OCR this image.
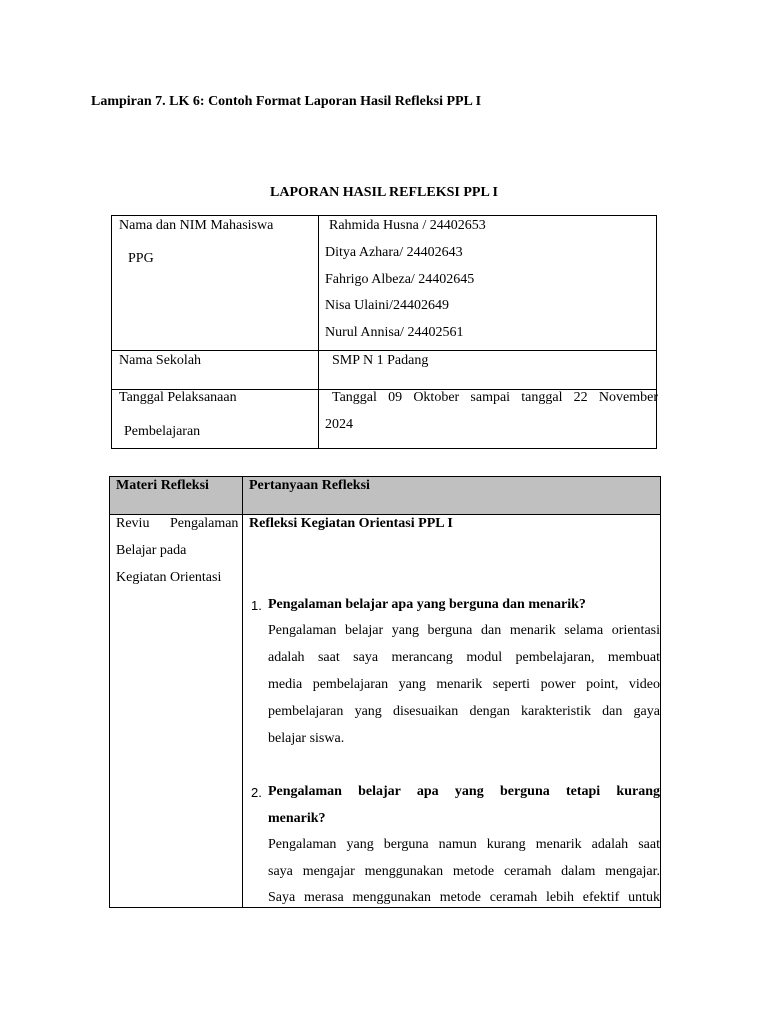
Lampiran 7. LK 6: Contoh Format Laporan Hasil Refleksi PPL I
LAPORAN HASIL REFLEKSI PPL I
Nama dan NIM Mahasiswa
PPG
Rahmida Husna / 24402653
Ditya Azhara/ 24402643
Fahrigo Albeza/ 24402645
Nisa Ulaini/24402649
Nurul Annisa/ 24402561
Nama Sekolah	SMP N 1 Padang
Tanggal Pelaksanaan
Pembelajaran
Tanggal 09 Oktober sampai tanggal 22 November
2024
Materi Refleksi	Pertanyaan Refleksi
Reviu Pengalaman
Belajar pada
Kegiatan Orientasi
Refleksi Kegiatan Orientasi PPL I
1. Pengalaman belajar apa yang berguna dan menarik?
Pengalaman belajar yang berguna dan menarik selama orientasi
adalah saat saya merancang modul pembelajaran, membuat
media pembelajaran yang menarik seperti power point, video
pembelajaran yang disesuaikan dengan karakteristik dan gaya
belajar siswa.
2. Pengalaman belajar apa yang berguna tetapi kurang
menarik?
Pengalaman yang berguna namun kurang menarik adalah saat
saya mengajar menggunakan metode ceramah dalam mengajar.
Saya merasa menggunakan metode ceramah lebih efektif untuk
